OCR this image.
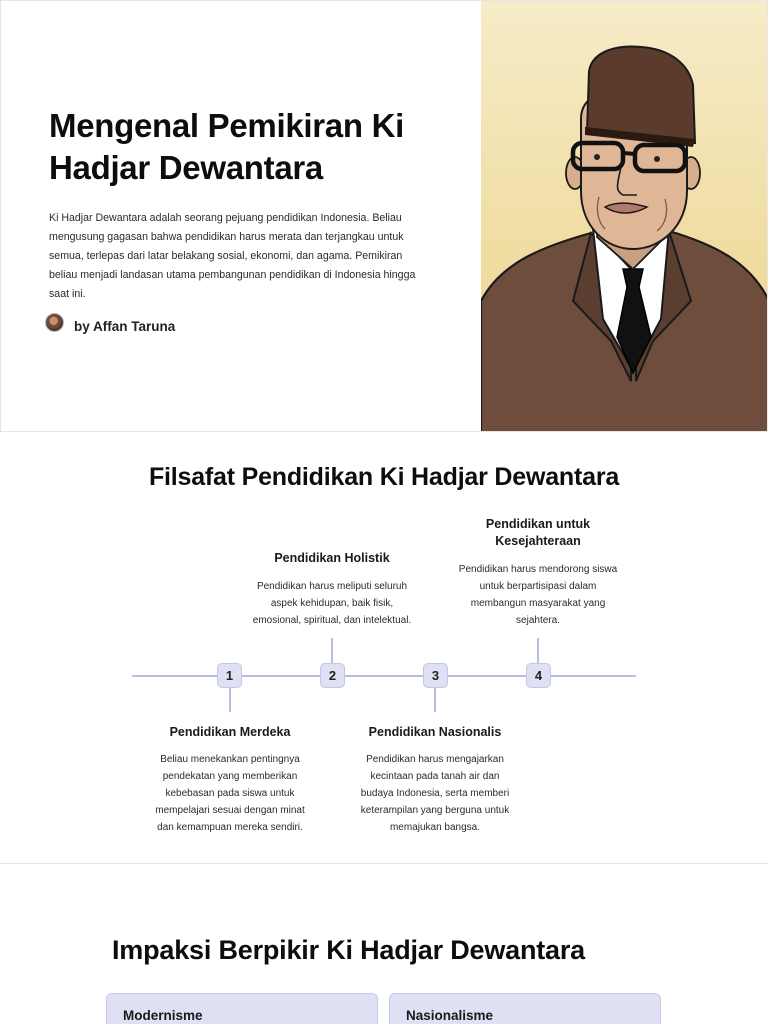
Mengenal Pemikiran Ki Hadjar Dewantara

Ki Hadjar Dewantara adalah seorang pejuang pendidikan Indonesia. Beliau mengusung gagasan bahwa pendidikan harus merata dan terjangkau untuk semua, terlepas dari latar belakang sosial, ekonomi, dan agama. Pemikiran beliau menjadi landasan utama pembangunan pendidikan di Indonesia hingga saat ini.

by Affan Taruna
Filsafat Pendidikan Ki Hadjar Dewantara
1	2	3	4
Pendidikan Merdeka
Beliau menekankan pentingnya pendekatan yang memberikan kebebasan pada siswa untuk mempelajari sesuai dengan minat dan kemampuan mereka sendiri.
Pendidikan Holistik
Pendidikan harus meliputi seluruh aspek kehidupan, baik fisik, emosional, spiritual, dan intelektual.
Pendidikan Nasionalis
Pendidikan harus mengajarkan kecintaan pada tanah air dan budaya Indonesia, serta memberi keterampilan yang berguna untuk memajukan bangsa.
Pendidikan untuk Kesejahteraan
Pendidikan harus mendorong siswa untuk berpartisipasi dalam membangun masyarakat yang sejahtera.
Impaksi Berpikir Ki Hadjar Dewantara
Modernisme	Nasionalisme
